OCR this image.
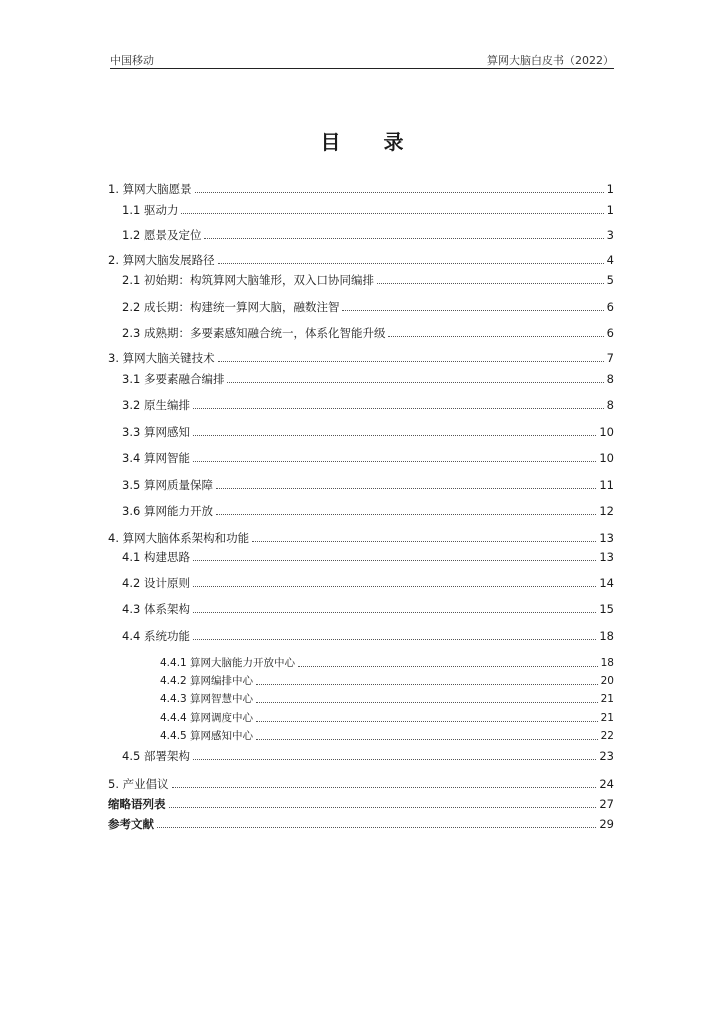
中国移动	算网大脑白皮书（2022）
目 录
1. 算网大脑愿景	1
1.1 驱动力	1
1.2 愿景及定位	3
2. 算网大脑发展路径	4
2.1 初始期：构筑算网大脑雏形，双入口协同编排	5
2.2 成长期：构建统一算网大脑，融数注智	6
2.3 成熟期：多要素感知融合统一，体系化智能升级	6
3. 算网大脑关键技术	7
3.1 多要素融合编排	8
3.2 原生编排	8
3.3 算网感知	10
3.4 算网智能	10
3.5 算网质量保障	11
3.6 算网能力开放	12
4. 算网大脑体系架构和功能	13
4.1 构建思路	13
4.2 设计原则	14
4.3 体系架构	15
4.4 系统功能	18
4.4.1 算网大脑能力开放中心	18
4.4.2 算网编排中心	20
4.4.3 算网智慧中心	21
4.4.4 算网调度中心	21
4.4.5 算网感知中心	22
4.5 部署架构	23
5. 产业倡议	24
缩略语列表	27
参考文献	29
